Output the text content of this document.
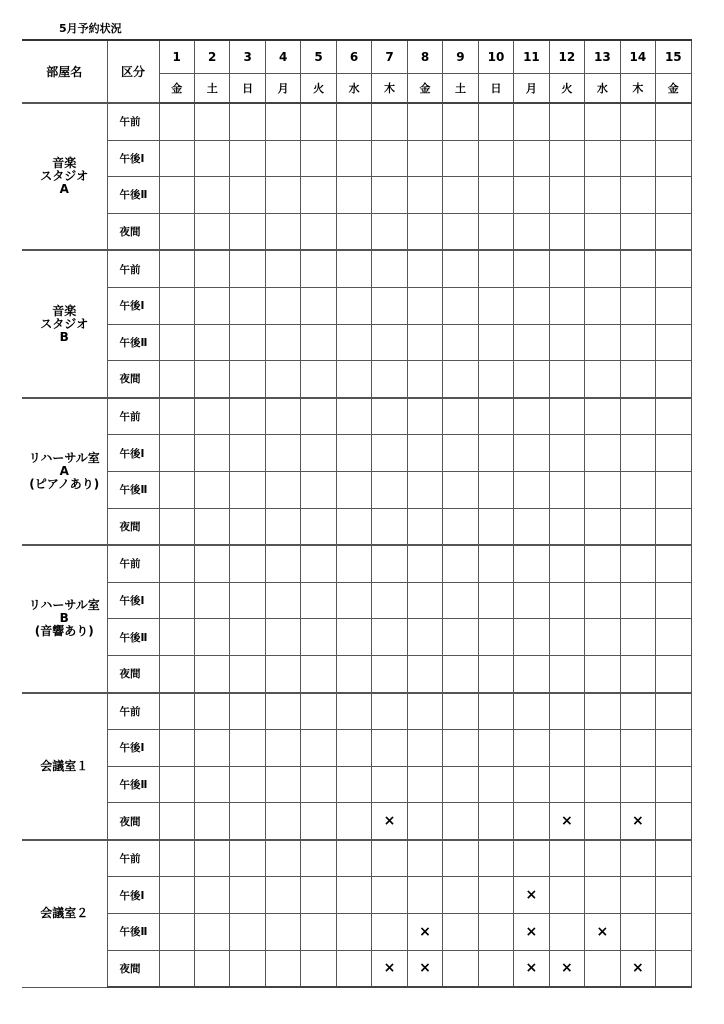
5月予約状況
部屋名	区分	1	2	3	4	5	6	7	8	9	10	11	12	13	14	15
		金	土	日	月	火	水	木	金	土	日	月	火	水	木	金

音楽
スタジオ
A	午前															
	午後Ⅰ															
	午後Ⅱ															
	夜間															

音楽
スタジオ
B	午前															
	午後Ⅰ															
	午後Ⅱ															
	夜間															

リハーサル室
A
(ピアノあり)	午前															
	午後Ⅰ															
	午後Ⅱ															
	夜間															

リハーサル室
B
(音響あり)	午前															
	午後Ⅰ															
	午後Ⅱ															
	夜間															

会議室１	午前															
	午後Ⅰ															
	午後Ⅱ															
	夜間							×					×		×	

会議室２	午前															
	午後Ⅰ											×				
	午後Ⅱ								×			×		×		
	夜間							×	×			×	×		×	
